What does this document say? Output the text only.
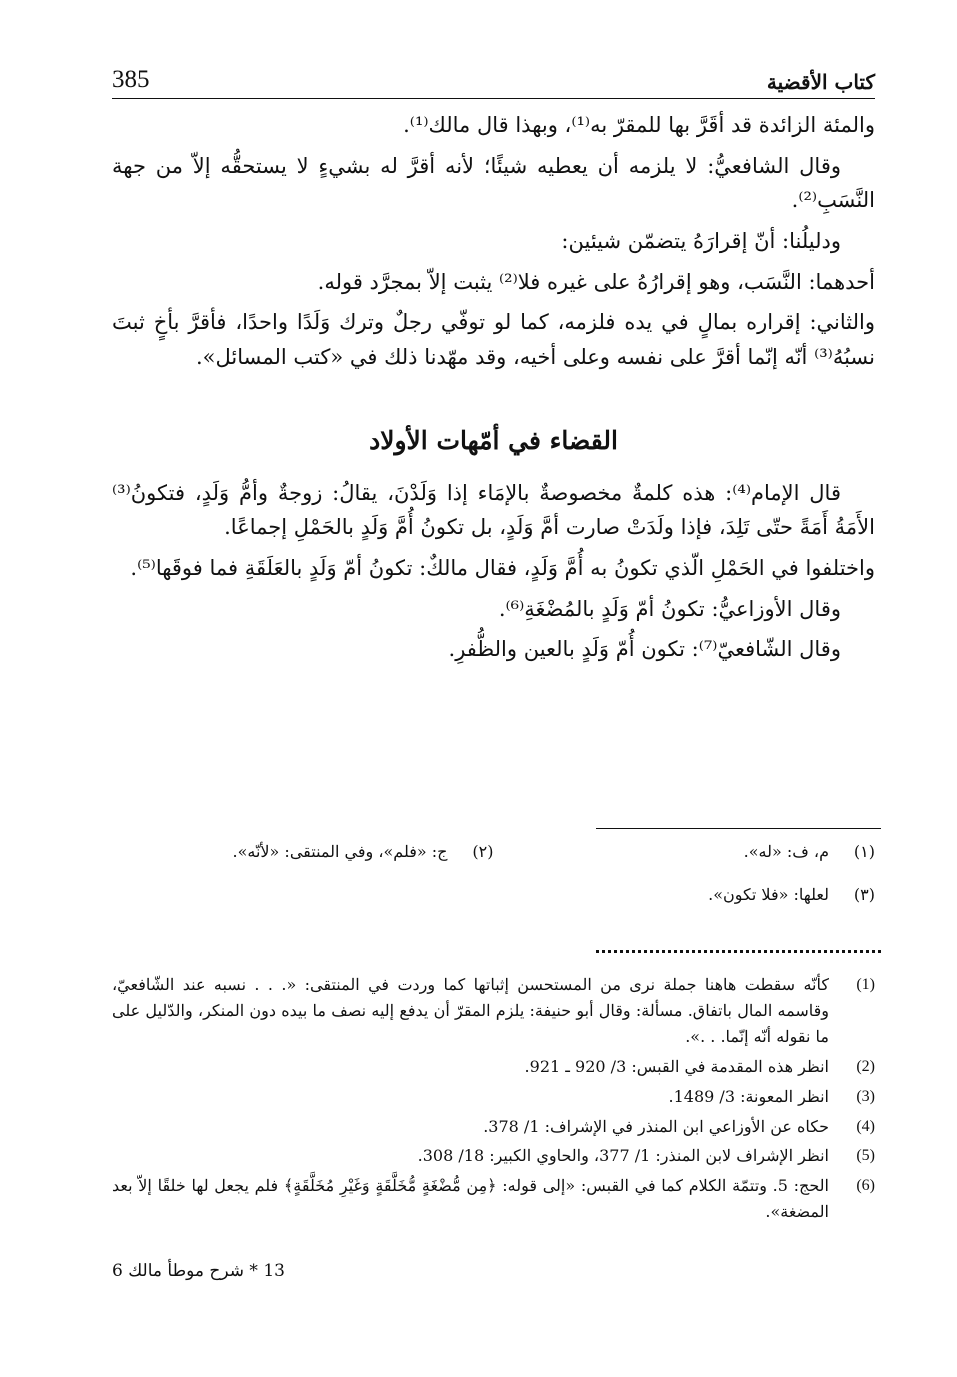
385	كتاب الأقضية

والمئة الزائدة قد أقَرَّ بها للمقرّ به⁽¹⁾، وبهذا قال مالك⁽¹⁾.

وقال الشافعيُّ: لا يلزمه أن يعطيه شيئًا؛ لأنه أقرَّ له بشيءٍ لا يستحقُّه إلاّ من جهة النَّسَبِ⁽²⁾.

ودليلُنا: أنّ إقرارَهُ يتضمّن شيئين:

أحدهما: النَّسَب، وهو إقرارُهُ على غيره فلا⁽²⁾ يثبت إلاّ بمجرَّد قوله.

والثاني: إقراره بمالٍ في يده فلزمه، كما لو توفّي رجلٌ وترك وَلَدًا واحدًا، فأقرَّ بأخٍ ثبتَ نسبُهُ⁽³⁾ أنّه إنّما أقرَّ على نفسه وعلى أخيه، وقد مهّدنا ذلك في «كتب المسائل».

القضاء في أمّهات الأولاد

قال الإمام⁽⁴⁾: هذه كلمةٌ مخصوصةٌ بالإمَاء إذا وَلَدْنَ، يقالُ: زوجةٌ وأمُّ وَلَدٍ، فتكونُ⁽³⁾ الأَمَةُ أَمَةً حتّى تَلِدَ، فإذا ولَدَتْ صارت أمَّ وَلَدٍ، بل تكونُ أُمَّ وَلَدٍ بالحَمْلِ إجماعًا.

واختلفوا في الحَمْلِ الّذي تكونُ به أُمَّ وَلَدٍ، فقال مالكٌ: تكونُ أمّ وَلَدٍ بالعَلَقَةِ فما فوقَها⁽⁵⁾.

وقال الأوزاعيُّ: تكونُ أمّ وَلَدٍ بالمُضْغَةِ⁽⁶⁾.

وقال الشّافعيّ⁽⁷⁾: تكون أُمّ وَلَدٍ بالعين والظُّفرِ.

(١)
م، ف: «له».
(٢)
ج: «فلم»، وفي المنتقى: «لأنّه».
(٣)
لعلها: «فلا تكون».
(1)
كأنّه سقطت هاهنا جملة نرى من المستحسن إثباتها كما وردت في المنتقى: «. . . نسبه عند الشّافعيّ، وقاسمه المال باتفاق. مسألة: وقال أبو حنيفة: يلزم المقرّ أن يدفع إليه نصف ما بيده دون المنكر، والدّليل على ما نقوله أنّه إنّما. . .».
(2)
انظر هذه المقدمة في القبس: 3/ 920 ـ 921.
(3)
انظر المعونة: 3/ 1489.
(4)
حكاه عن الأوزاعي ابن المنذر في الإشراف: 1/ 378.
(5)
انظر الإشراف لابن المنذر: 1/ 377، والحاوي الكبير: 18/ 308.
(6)
الحج: 5. وتتمّة الكلام كما في القبس: «إلى قوله: ﴿مِن مُّضْغَةٍ مُّخَلَّقَةٍ وَغَيْرِ مُخَلَّقَةٍ﴾ فلم يجعل لها خلقًا إلاّ بعد المضغة».
13 * شرح موطأ مالك 6
